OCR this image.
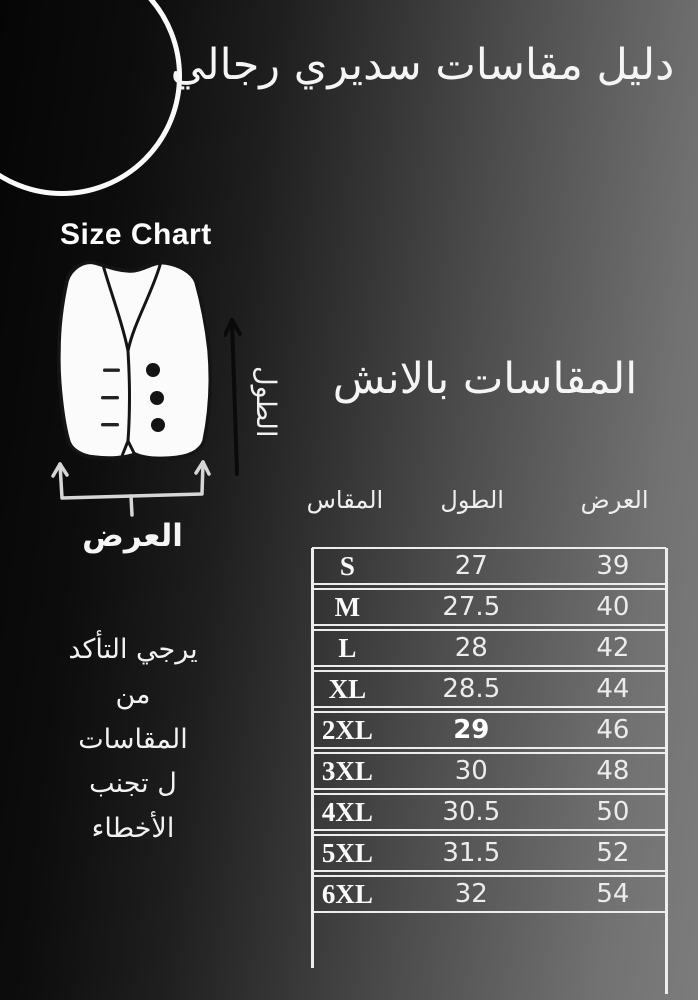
دليل مقاسات سديري رجالي
Size Chart
الطول
العرض
يرجي التأكد
من
المقاسات
ل تجنب
الأخطاء
المقاسات بالانش
المقاس	الطول	العرض
S	27	39
M	27.5	40
L	28	42
XL	28.5	44
2XL	29	46
3XL	30	48
4XL	30.5	50
5XL	31.5	52
6XL	32	54
